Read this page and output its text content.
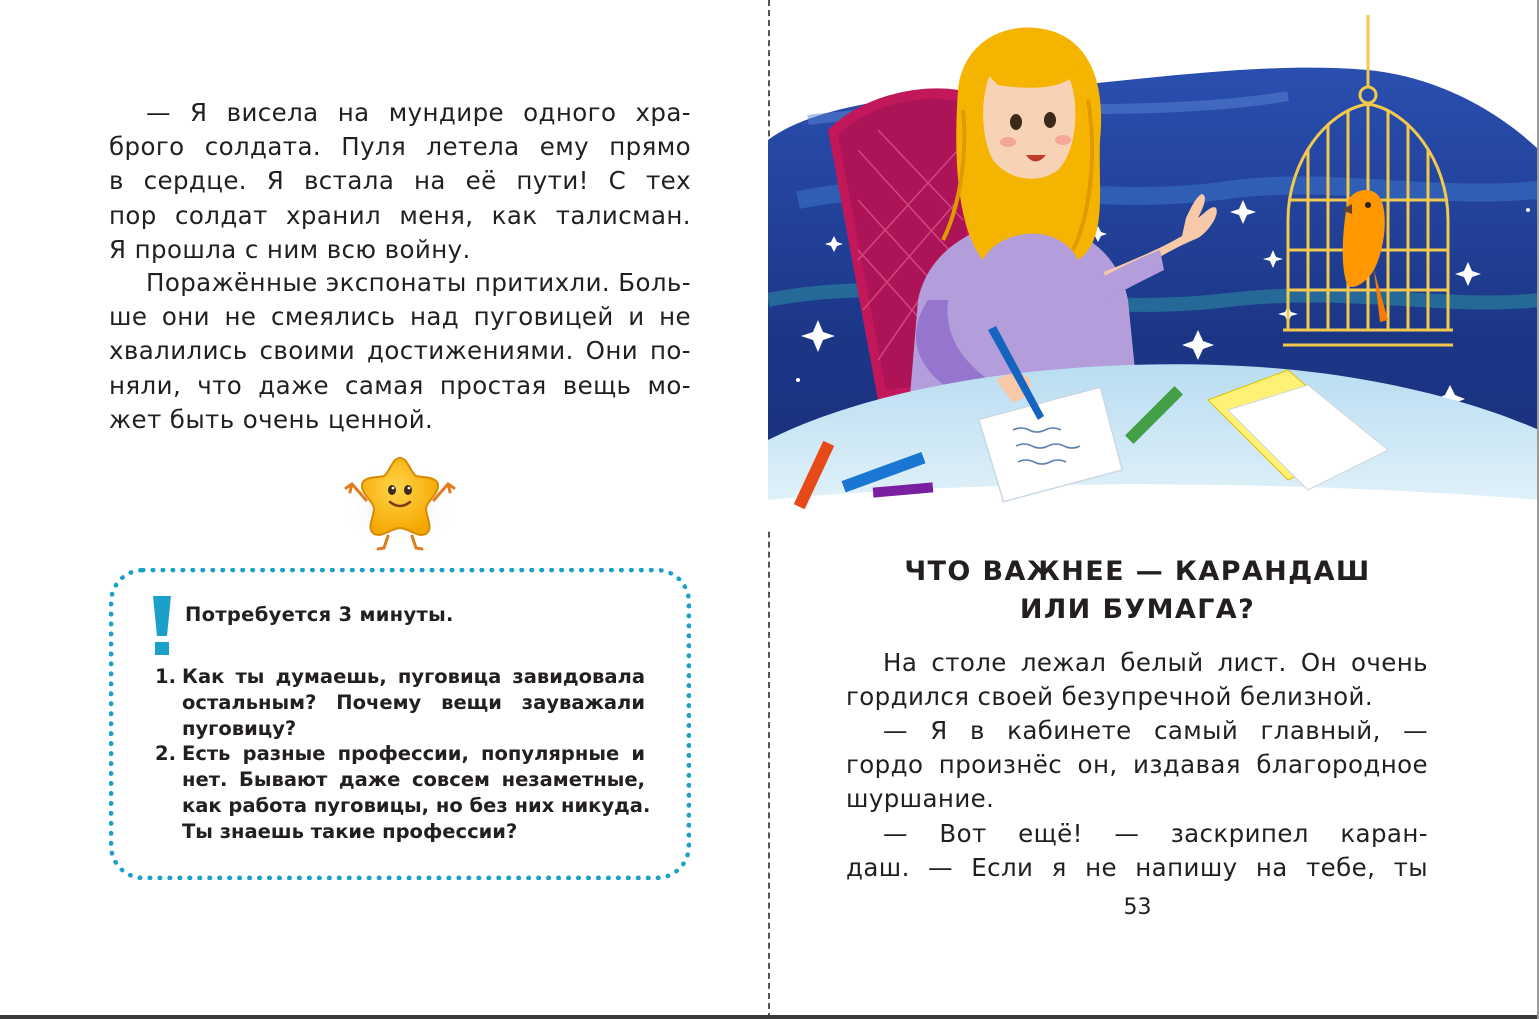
— Я висела на мундире одного хра-
брого солдата. Пуля летела ему прямо
в сердце. Я встала на её пути! С тех
пор солдат хранил меня, как талисман.
Я прошла с ним всю войну.
Поражённые экспонаты притихли. Боль-
ше они не смеялись над пуговицей и не
хвалились своими достижениями. Они по-
няли, что даже самая простая вещь мо-
жет быть очень ценной.
Потребуется 3 минуты.
1. Как ты думаешь, пуговица завидовала
остальным? Почему вещи зауважали
пуговицу?
2. Есть разные профессии, популярные и
нет. Бывают даже совсем незаметные,
как работа пуговицы, но без них никуда.
Ты знаешь такие профессии?
ЧТО ВАЖНЕЕ — КАРАНДАШ
ИЛИ БУМАГА?
На столе лежал белый лист. Он очень
гордился своей безупречной белизной.
— Я в кабинете самый главный, —
гордо произнёс он, издавая благородное
шуршание.
— Вот ещё! — заскрипел каран-
даш. — Если я не напишу на тебе, ты
53
